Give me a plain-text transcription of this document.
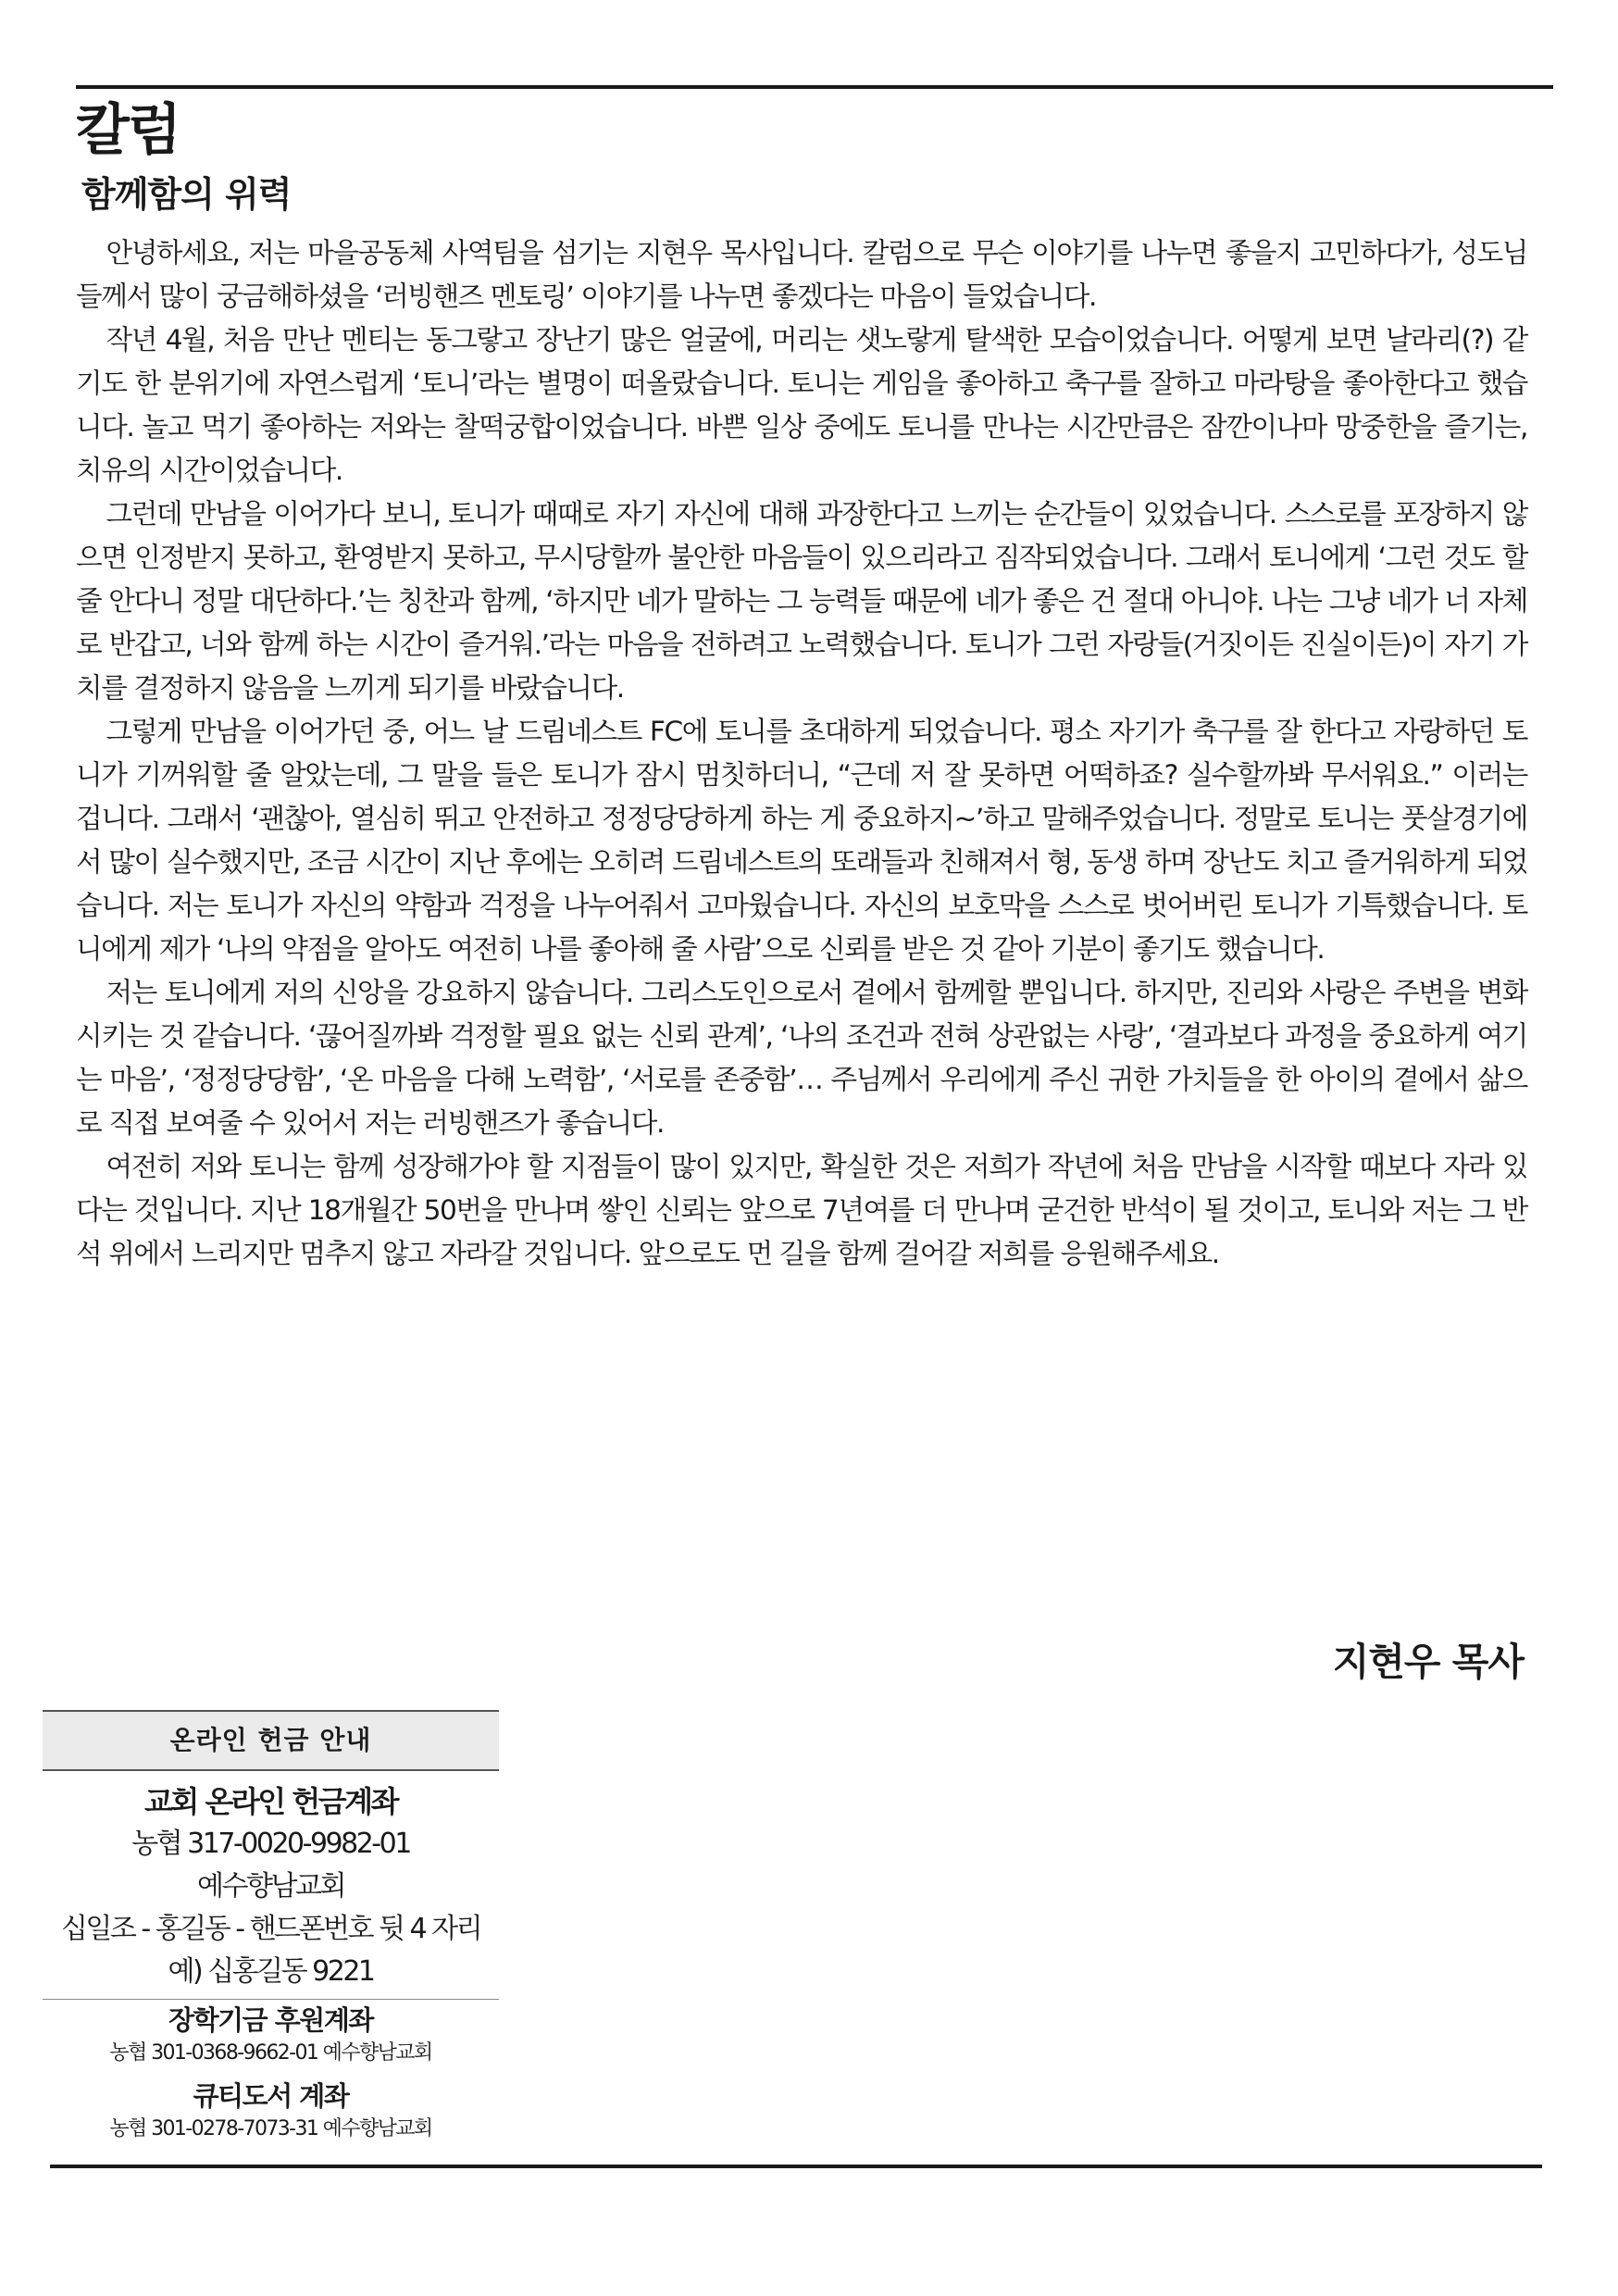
칼럼
함께함의 위력

안녕하세요, 저는 마을공동체 사역팀을 섬기는 지현우 목사입니다. 칼럼으로 무슨 이야기를 나누면 좋을지 고민하다가, 성도님들께서 많이 궁금해하셨을 ‘러빙핸즈 멘토링’ 이야기를 나누면 좋겠다는 마음이 들었습니다.

작년 4월, 처음 만난 멘티는 동그랗고 장난기 많은 얼굴에, 머리는 샛노랗게 탈색한 모습이었습니다. 어떻게 보면 날라리(?) 같기도 한 분위기에 자연스럽게 ‘토니’라는 별명이 떠올랐습니다. 토니는 게임을 좋아하고 축구를 잘하고 마라탕을 좋아한다고 했습니다. 놀고 먹기 좋아하는 저와는 찰떡궁합이었습니다. 바쁜 일상 중에도 토니를 만나는 시간만큼은 잠깐이나마 망중한을 즐기는, 치유의 시간이었습니다.

그런데 만남을 이어가다 보니, 토니가 때때로 자기 자신에 대해 과장한다고 느끼는 순간들이 있었습니다. 스스로를 포장하지 않으면 인정받지 못하고, 환영받지 못하고, 무시당할까 불안한 마음들이 있으리라고 짐작되었습니다. 그래서 토니에게 ‘그런 것도 할 줄 안다니 정말 대단하다.’는 칭찬과 함께, ‘하지만 네가 말하는 그 능력들 때문에 네가 좋은 건 절대 아니야. 나는 그냥 네가 너 자체로 반갑고, 너와 함께 하는 시간이 즐거워.’라는 마음을 전하려고 노력했습니다. 토니가 그런 자랑들(거짓이든 진실이든)이 자기 가치를 결정하지 않음을 느끼게 되기를 바랐습니다.

그렇게 만남을 이어가던 중, 어느 날 드림네스트 FC에 토니를 초대하게 되었습니다. 평소 자기가 축구를 잘 한다고 자랑하던 토니가 기꺼워할 줄 알았는데, 그 말을 들은 토니가 잠시 멈칫하더니, “근데 저 잘 못하면 어떡하죠? 실수할까봐 무서워요.” 이러는 겁니다. 그래서 ‘괜찮아, 열심히 뛰고 안전하고 정정당당하게 하는 게 중요하지~’하고 말해주었습니다. 정말로 토니는 풋살경기에서 많이 실수했지만, 조금 시간이 지난 후에는 오히려 드림네스트의 또래들과 친해져서 형, 동생 하며 장난도 치고 즐거워하게 되었습니다. 저는 토니가 자신의 약함과 걱정을 나누어줘서 고마웠습니다. 자신의 보호막을 스스로 벗어버린 토니가 기특했습니다. 토니에게 제가 ‘나의 약점을 알아도 여전히 나를 좋아해 줄 사람’으로 신뢰를 받은 것 같아 기분이 좋기도 했습니다.

저는 토니에게 저의 신앙을 강요하지 않습니다. 그리스도인으로서 곁에서 함께할 뿐입니다. 하지만, 진리와 사랑은 주변을 변화시키는 것 같습니다. ‘끊어질까봐 걱정할 필요 없는 신뢰 관계’, ‘나의 조건과 전혀 상관없는 사랑’, ‘결과보다 과정을 중요하게 여기는 마음’, ‘정정당당함’, ‘온 마음을 다해 노력함’, ‘서로를 존중함’… 주님께서 우리에게 주신 귀한 가치들을 한 아이의 곁에서 삶으로 직접 보여줄 수 있어서 저는 러빙핸즈가 좋습니다.

여전히 저와 토니는 함께 성장해가야 할 지점들이 많이 있지만, 확실한 것은 저희가 작년에 처음 만남을 시작할 때보다 자라 있다는 것입니다. 지난 18개월간 50번을 만나며 쌓인 신뢰는 앞으로 7년여를 더 만나며 굳건한 반석이 될 것이고, 토니와 저는 그 반석 위에서 느리지만 멈추지 않고 자라갈 것입니다. 앞으로도 먼 길을 함께 걸어갈 저희를 응원해주세요.

지현우 목사
온라인 헌금 안내
교회 온라인 헌금계좌
농협 317-0020-9982-01
예수향남교회
십일조 - 홍길동 - 핸드폰번호 뒷 4 자리
예) 십홍길동 9221
장학기금 후원계좌
농협 301-0368-9662-01 예수향남교회
큐티도서 계좌
농협 301-0278-7073-31 예수향남교회
